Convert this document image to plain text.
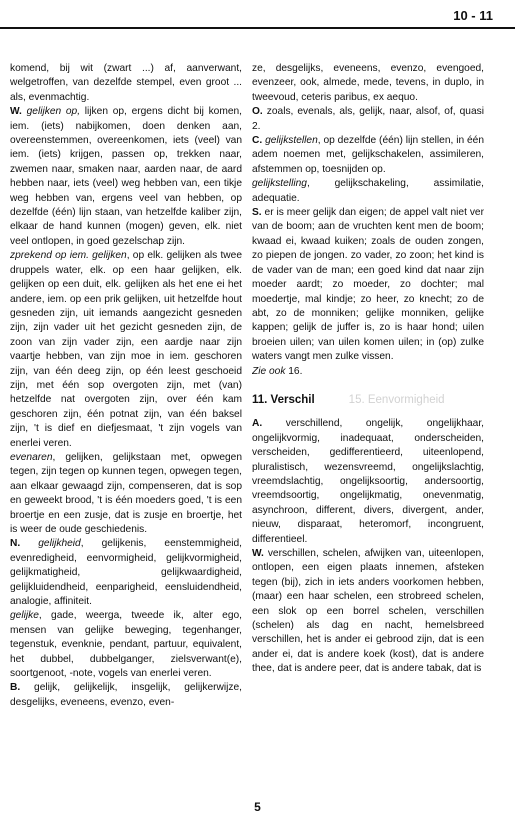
10 - 11

komend, bij wit (zwart ...) af, aanverwant, welgetroffen, van dezelfde stempel, even groot ... als, evenmachtig.

W. gelijken op, lijken op, ergens dicht bij komen, iem. (iets) nabijkomen, doen denken aan, overeenstemmen, overeenkomen, iets (veel) van iem. (iets) krijgen, passen op, trekken naar, zwemen naar, smaken naar, aarden naar, de aard hebben naar, iets (veel) weg hebben van, een tikje weg hebben van, ergens veel van hebben, op dezelfde (één) lijn staan, van hetzelfde kaliber zijn, elkaar de hand kunnen (mogen) geven, elk. niet veel ontlopen, in goed gezelschap zijn.

zprekend op iem. gelijken, op elk. gelijken als twee druppels water, elk. op een haar gelijken, elk. gelijken op een duit, elk. gelijken als het ene ei het andere, iem. op een prik gelijken, uit hetzelfde hout gesneden zijn, uit iemands aangezicht gesneden zijn, zijn vader uit het gezicht gesneden zijn, de zoon van zijn vader zijn, een aardje naar zijn vaartje hebben, van zijn moe in iem. geschoren zijn, van één deeg zijn, op één leest geschoeid zijn, met één sop overgoten zijn, met (van) hetzelfde nat overgoten zijn, over één kam geschoren zijn, één potnat zijn, van één baksel zijn, 't is dief en diefjesmaat, 't zijn vogels van enerlei veren.

evenaren, gelijken, gelijkstaan met, opwegen tegen, zijn tegen op kunnen tegen, opwegen tegen, aan elkaar gewaagd zijn, compenseren, dat is sop en geweekt brood, 't is één moeders goed, 't is een broertje en een zusje, dat is zusje en broertje, het is weer de oude geschiedenis.

N. gelijkheid, gelijkenis, eenstemmigheid, evenredigheid, eenvormigheid, gelijkvormigheid, gelijkmatigheid, gelijkwaardigheid, gelijkluidendheid, eenparigheid, eensluidendheid, analogie, affiniteit.

gelijke, gade, weerga, tweede ik, alter ego, mensen van gelijke beweging, tegenhanger, tegenstuk, evenknie, pendant, partuur, equivalent, het dubbel, dubbelganger, zielsverwant(e), soortgenoot, -note, vogels van enerlei veren.

B. gelijk, gelijkelijk, insgelijk, gelijkerwijze, desgelijks, eveneens, evenzo, even-

ze, desgelijks, eveneens, evenzo, evengoed, evenzeer, ook, almede, mede, tevens, in duplo, in tweevoud, ceteris paribus, ex aequo.

O. zoals, evenals, als, gelijk, naar, alsof, of, quasi 2.

C. gelijkstellen, op dezelfde (één) lijn stellen, in één adem noemen met, gelijkschakelen, assimileren, afstemmen op, toesnijden op.

gelijkstelling, gelijkschakeling, assimilatie, adequatie.

S. er is meer gelijk dan eigen; de appel valt niet ver van de boom; aan de vruchten kent men de boom; kwaad ei, kwaad kuiken; zoals de ouden zongen, zo piepen de jongen. zo vader, zo zoon; het kind is de vader van de man; een goed kind dat naar zijn moeder aardt; zo moeder, zo dochter; mal moedertje, mal kindje; zo heer, zo knecht; zo de abt, zo de monniken; gelijke monniken, gelijke kappen; gelijk de juffer is, zo is haar hond; uilen broeien uilen; van uilen komen uilen; in (op) zulke waters vangt men zulke vissen.

Zie ook 16.

11. Verschil	15. Eenvormigheid

A. verschillend, ongelijk, ongelijkhaar, ongelijkvormig, inadequaat, onderscheiden, verscheiden, gedifferentieerd, uiteenlopend, pluralistisch, wezensvreemd, ongelijkslachtig, vreemdslachtig, ongelijksoortig, andersoortig, vreemdsoortig, ongelijkmatig, onevenmatig, asynchroon, different, divers, divergent, ander, nieuw, disparaat, heteromorf, incongruent, differentieel.

W. verschillen, schelen, afwijken van, uiteenlopen, ontlopen, een eigen plaats innemen, afsteken tegen (bij), zich in iets anders voorkomen hebben, (maar) een haar schelen, een strobreed schelen, een slok op een borrel schelen, verschillen (schelen) als dag en nacht, hemelsbreed verschillen, het is ander ei gebrood zijn, dat is een ander ei, dat is andere koek (kost), dat is andere thee, dat is andere peer, dat is andere tabak, dat is

5
